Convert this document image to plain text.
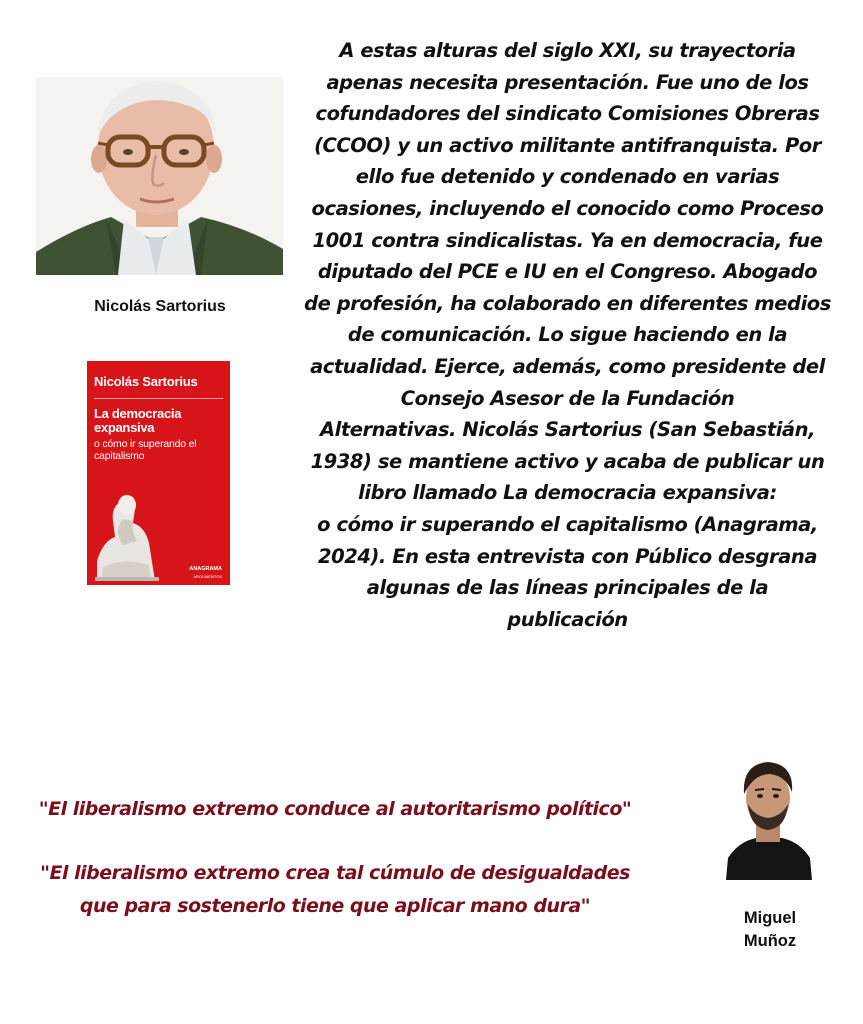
Nicolás Sartorius
Nicolás Sartorius
La democracia expansiva
o cómo ir superando el capitalismo
ANAGRAMA
ARGUMENTOS

A estas alturas del siglo XXI, su trayectoria
apenas necesita presentación. Fue uno de los
cofundadores del sindicato Comisiones Obreras
(CCOO) y un activo militante antifranquista. Por
ello fue detenido y condenado en varias
ocasiones, incluyendo el conocido como Proceso
1001 contra sindicalistas. Ya en democracia, fue
diputado del PCE e IU en el Congreso. Abogado
de profesión, ha colaborado en diferentes medios
de comunicación. Lo sigue haciendo en la
actualidad. Ejerce, además, como presidente del
Consejo Asesor de la Fundación
Alternativas. Nicolás Sartorius (San Sebastián,
1938) se mantiene activo y acaba de publicar un
libro llamado La democracia expansiva:
o cómo ir superando el capitalismo (Anagrama,
2024). En esta entrevista con Público desgrana
algunas de las líneas principales de la
publicación

"El liberalismo extremo conduce al autoritarismo político"

"El liberalismo extremo crea tal cúmulo de desigualdades
que para sostenerlo tiene que aplicar mano dura"

Miguel
Muñoz
